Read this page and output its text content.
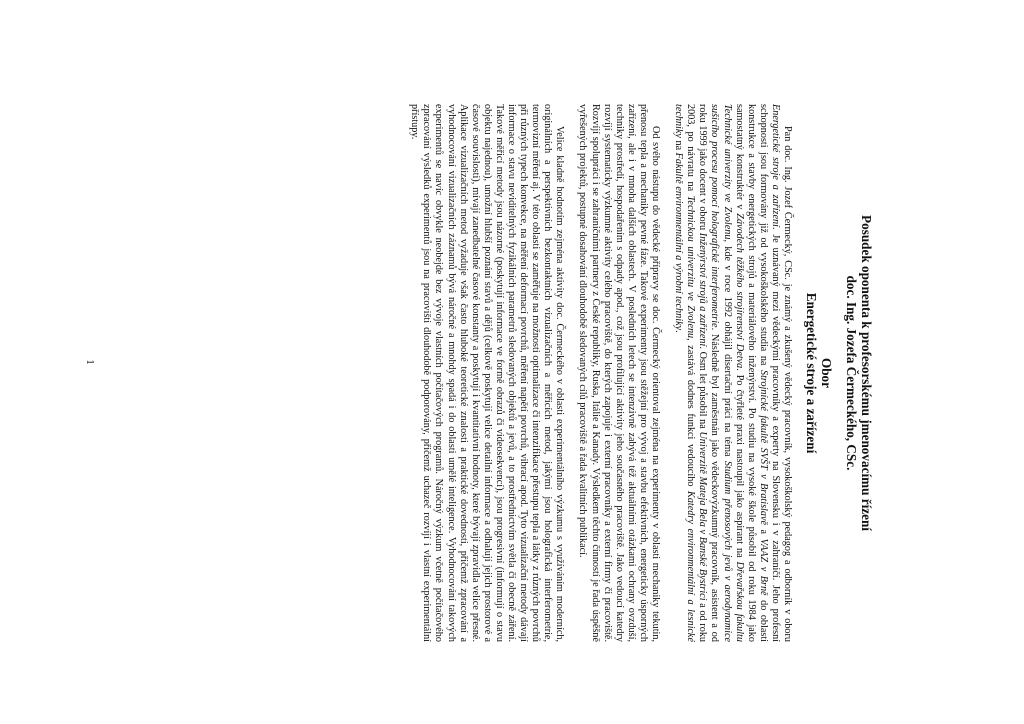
Posudek oponenta k profesorskému jmenovacímu řízení
doc. Ing. Jozefa Čermeckého, CSc.
Obor
Energetické stroje a zařízení

Pan doc. Ing. Jozef Čermecký, CSc. je známý a zkušený vědecký pracovník, vysokoškolský pedagog a odborník v oboru Energetické stroje a zařízení. Je uznávaný mezi vědeckými pracovníky a experty na Slovensku i v zahraničí. Jeho profesní schopnosti jsou formovány již od vysokoškolského studia na Strojnícké fakultě SVŠT v Bratislavě a VAAZ v Brně do oblasti konstrukce a stavby energetických strojů a materiálového inženýrství. Po studiu na vysoké škole působil od roku 1984 jako samostatný konstruktér v Závodech těžkého strojírenství Detva. Po čtyřleté praxi nastoupil jako aspirant na Dřevařskou fakultu Technické univerzity ve Zvolenu, kde v roce 1992 obhájil disertační práci na téma Studium přenosových jevů v aerodynamice sušicího procesu pomocí holografické interferometrie. Následně byl zaměstnán jako vědeckovýzkumný pracovník, asistent a od roku 1999 jako docent v oboru Inženýrství strojů a zařízení. Osm let působil na Univerzitě Mateja Bela v Banské Bystrici a od roku 2003, po návratu na Technickou univerzitu ve Zvolenu, zastává dodnes funkci vedoucího Katedry environmentální a lesnické techniky na Fakultě environmentální a výrobní techniky.

Od svého nástupu do vědecké přípravy se doc. Čermecký orientoval zejména na experimenty v oblasti mechaniky tekutin, přenosu tepla a mechaniky pevné fáze. Takové experimenty jsou stěžejní pro vývoj a stavbu efektivních, energeticky úsporných zařízení, ale i v mnoha dalších oblastech. V posledních letech se intenzivně zabývá též aktuálními otázkami ochrany ovzduší, techniky prostředí, hospodařením s odpady apod., což jsou profilující aktivity jeho současného pracoviště. Jako vedoucí katedry rozvíjí systematicky výzkumné aktivity celého pracoviště, do kterých zapojuje i externí pracovníky a externí firmy či pracoviště. Rozvíjí spolupráci i se zahraničními partnery z České republiky, Ruska, Itálie a Kanady. Výsledkem těchto činností je řada úspěšně vyřešených projektů, postupné dosahování dlouhodobě sledovaných cílů pracoviště a řada kvalitních publikací.

Velice kladně hodnotím zejména aktivity doc. Čermeckého v oblasti experimentálního výzkumu s využíváním moderních, originálních a perspektivních bezkontaktních vizualizačních a měřicích metod, jakými jsou holografická interferometrie, termovizní měření aj. V této oblasti se zaměřuje na možnosti optimalizace či intenzifikace přestupu tepla a látky z různých povrchů při různých typech konvekce, na měření deformací povrchů, měření napětí povrchů, vibrací apod. Tyto vizualizační metody dávají informace o stavu neviditelných fyzikálních parametrů sledovaných objektů a jevů, a to prostřednictvím světla či obecně záření. Takové měřicí metody jsou názorné (poskytují informace ve formě obrazů či videosekvencí), jsou progresivní (informují o stavu objektu najednou), umožní hlubší poznání stavů a dějů (celkově poskytují velice detailní informace a odhalují jejich prostorové a časové souvislosti), mívají zanedbatelné časové konstanty a poskytují i kvantitativní hodnoty, které bývají zpravidla velice přesné. Aplikace vizualizačních metod vyžaduje však často hluboké teoretické znalosti a praktické dovednosti, přičemž zpracování a vyhodnocování vizualizačních záznamů bývá náročné a mnohdy spadá i do oblasti umělé inteligence. Vyhodnocování takových experimentů se navíc obvykle neobejde bez vývoje vlastních počítačových programů. Náročný výzkum včetně počítačového zpracování výsledků experimentů jsou na pracovišti dlouhodobě podporovány, přičemž uchazeč rozvíjí i vlastní experimentální přístupy.

1
